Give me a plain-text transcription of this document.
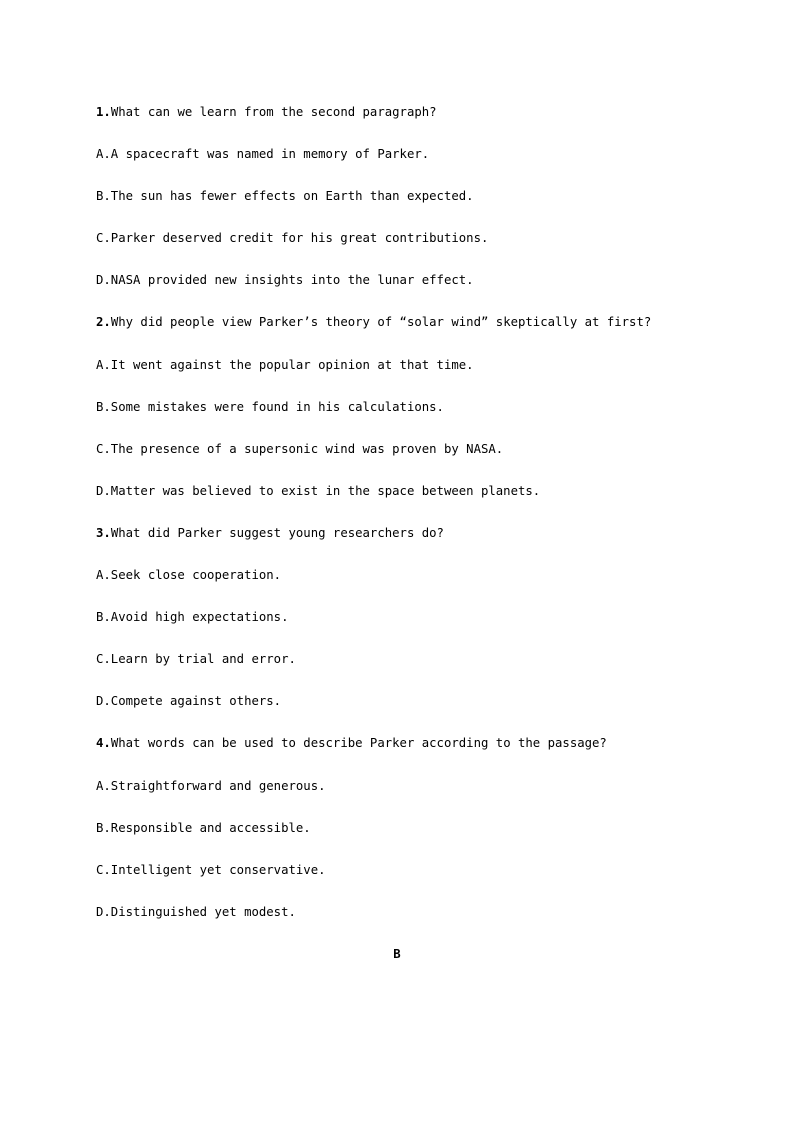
1.What can we learn from the second paragraph?
A.A spacecraft was named in memory of Parker.
B.The sun has fewer effects on Earth than expected.
C.Parker deserved credit for his great contributions.
D.NASA provided new insights into the lunar effect.
2.Why did people view Parker’s theory of “solar wind” skeptically at first?
A.It went against the popular opinion at that time.
B.Some mistakes were found in his calculations.
C.The presence of a supersonic wind was proven by NASA.
D.Matter was believed to exist in the space between planets.
3.What did Parker suggest young researchers do?
A.Seek close cooperation.
B.Avoid high expectations.
C.Learn by trial and error.
D.Compete against others.
4.What words can be used to describe Parker according to the passage?
A.Straightforward and generous.
B.Responsible and accessible.
C.Intelligent yet conservative.
D.Distinguished yet modest.
B
